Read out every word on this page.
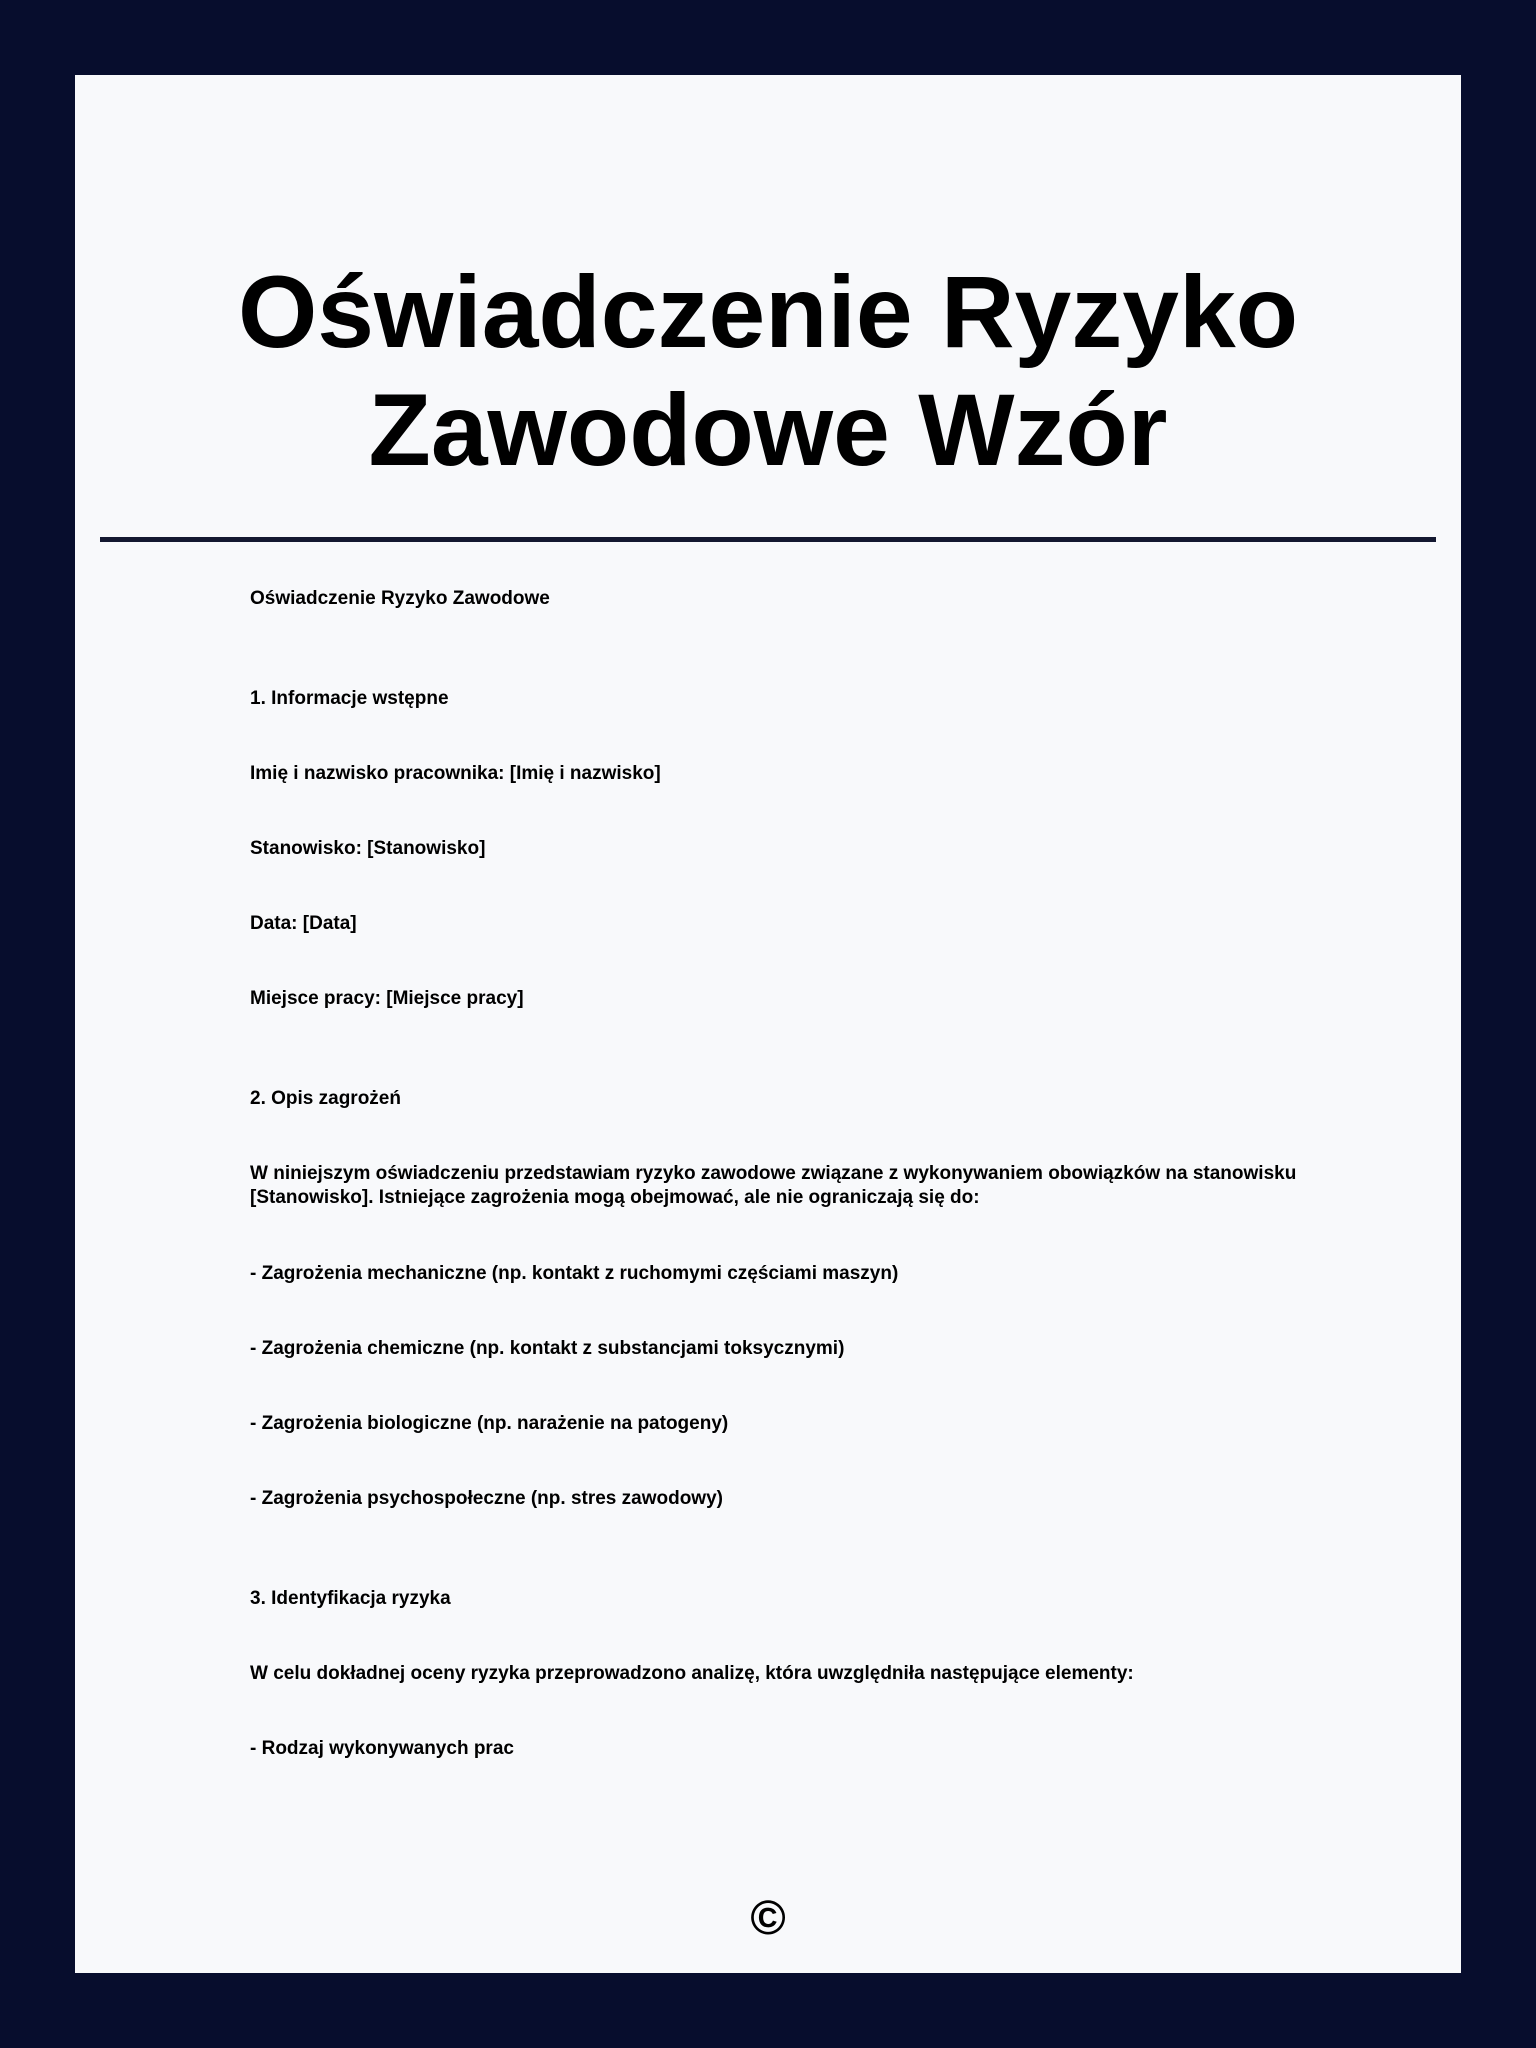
Oświadczenie Ryzyko
Zawodowe Wzór

Oświadczenie Ryzyko Zawodowe

1. Informacje wstępne

Imię i nazwisko pracownika: [Imię i nazwisko]

Stanowisko: [Stanowisko]

Data: [Data]

Miejsce pracy: [Miejsce pracy]

2. Opis zagrożeń

W niniejszym oświadczeniu przedstawiam ryzyko zawodowe związane z wykonywaniem obowiązków na stanowisku [Stanowisko]. Istniejące zagrożenia mogą obejmować, ale nie ograniczają się do:

- Zagrożenia mechaniczne (np. kontakt z ruchomymi częściami maszyn)

- Zagrożenia chemiczne (np. kontakt z substancjami toksycznymi)

- Zagrożenia biologiczne (np. narażenie na patogeny)

- Zagrożenia psychospołeczne (np. stres zawodowy)

3. Identyfikacja ryzyka

W celu dokładnej oceny ryzyka przeprowadzono analizę, która uwzględniła następujące elementy:

- Rodzaj wykonywanych prac

©
